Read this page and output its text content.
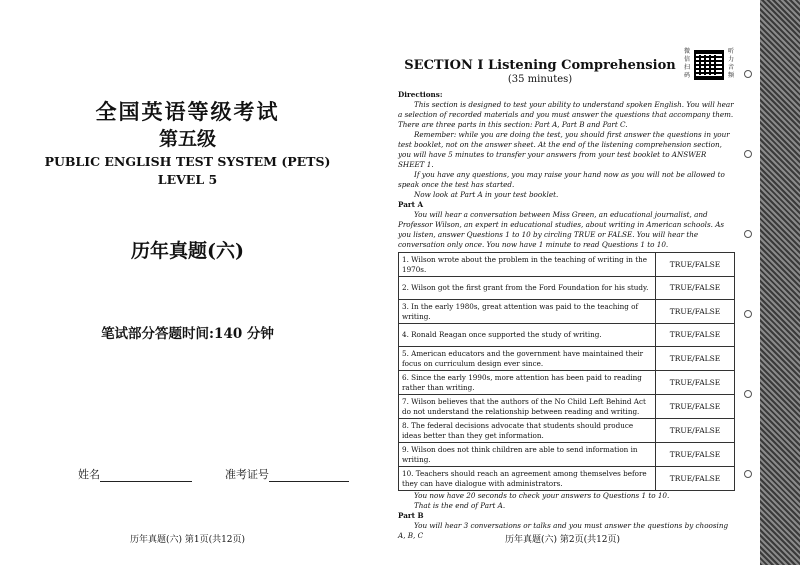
全国英语等级考试
第五级
PUBLIC ENGLISH TEST SYSTEM (PETS)
LEVEL 5
历年真题(六)
笔试部分答题时间:140 分钟
姓名	准考证号
历年真题(六) 第1页(共12页)
SECTION I Listening Comprehension
(35 minutes)
微信扫码
听力音频

Directions:

This section is designed to test your ability to understand spoken English. You will hear a selection of recorded materials and you must answer the questions that accompany them. There are three parts in this section: Part A, Part B and Part C.

Remember: while you are doing the test, you should first answer the questions in your test booklet, not on the answer sheet. At the end of the listening comprehension section, you will have 5 minutes to transfer your answers from your test booklet to ANSWER SHEET 1.

If you have any questions, you may raise your hand now as you will not be allowed to speak once the test has started.

Now look at Part A in your test booklet.

Part A

You will hear a conversation between Miss Green, an educational journalist, and Professor Wilson, an expert in educational studies, about writing in American schools. As you listen, answer Questions 1 to 10 by circling TRUE or FALSE. You will hear the conversation only once. You now have 1 minute to read Questions 1 to 10.

1. Wilson wrote about the problem in the teaching of writing in the 1970s.	TRUE/FALSE
2. Wilson got the first grant from the Ford Foundation for his study.	TRUE/FALSE
3. In the early 1980s, great attention was paid to the teaching of writing.	TRUE/FALSE
4. Ronald Reagan once supported the study of writing.	TRUE/FALSE
5. American educators and the government have maintained their focus on curriculum design ever since.	TRUE/FALSE
6. Since the early 1990s, more attention has been paid to reading rather than writing.	TRUE/FALSE
7. Wilson believes that the authors of the No Child Left Behind Act do not understand the relationship between reading and writing.	TRUE/FALSE
8. The federal decisions advocate that students should produce ideas better than they get information.	TRUE/FALSE
9. Wilson does not think children are able to send information in writing.	TRUE/FALSE
10. Teachers should reach an agreement among themselves before they can have dialogue with administrators.	TRUE/FALSE

You now have 20 seconds to check your answers to Questions 1 to 10.

That is the end of Part A.

Part B

You will hear 3 conversations or talks and you must answer the questions by choosing A, B, C	历年真题(六) 第2页(共12页)
